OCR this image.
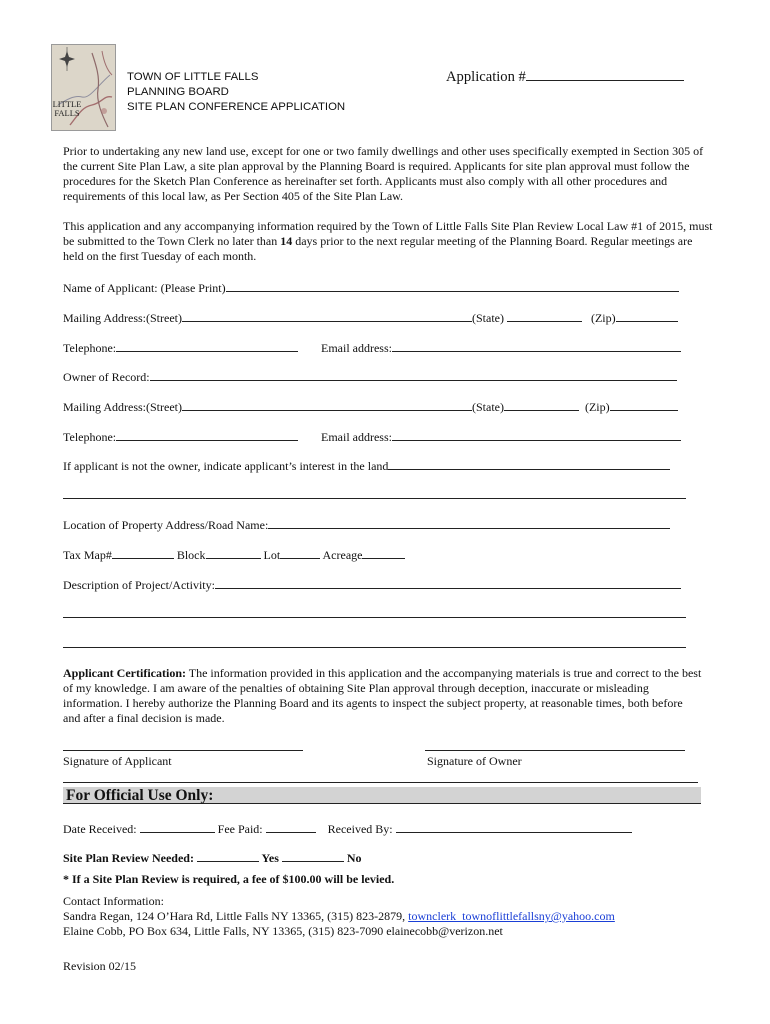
LITTLE
FALLS
TOWN OF LITTLE FALLS
PLANNING BOARD
SITE PLAN CONFERENCE APPLICATION
Application #
Prior to undertaking any new land use, except for one or two family dwellings and other uses specifically exempted in Section 305 of the current Site Plan Law, a site plan approval by the Planning Board is required. Applicants for site plan approval must follow the procedures for the Sketch Plan Conference as hereinafter set forth. Applicants must also comply with all other procedures and requirements of this local law, as Per Section 405 of the Site Plan Law.
This application and any accompanying information required by the Town of Little Falls Site Plan Review Local Law #1 of 2015, must be submitted to the Town Clerk no later than 14 days prior to the next regular meeting of the Planning Board. Regular meetings are held on the first Tuesday of each month.
Name of Applicant: (Please Print)
Mailing Address:(Street)	(State)	(Zip)
Telephone:	Email address:
Owner of Record:
Mailing Address:(Street)	(State)	(Zip)
Telephone:	Email address:
If applicant is not the owner, indicate applicant’s interest in the land
Location of Property Address/Road Name:
Tax Map#	Block	Lot	Acreage
Description of Project/Activity:
Applicant Certification: The information provided in this application and the accompanying materials is true and correct to the best of my knowledge. I am aware of the penalties of obtaining Site Plan approval through deception, inaccurate or misleading information. I hereby authorize the Planning Board and its agents to inspect the subject property, at reasonable times, both before and after a final decision is made.
Signature of Applicant	Signature of Owner
For Official Use Only:
Date Received:	Fee Paid:	Received By:
Site Plan Review Needed:	Yes	No
* If a Site Plan Review is required, a fee of $100.00 will be levied.
Contact Information:
Sandra Regan, 124 O’Hara Rd, Little Falls NY 13365, (315) 823-2879, townclerk_townoflittlefallsny@yahoo.com
Elaine Cobb, PO Box 634, Little Falls, NY 13365, (315) 823-7090 elainecobb@verizon.net
Revision 02/15
